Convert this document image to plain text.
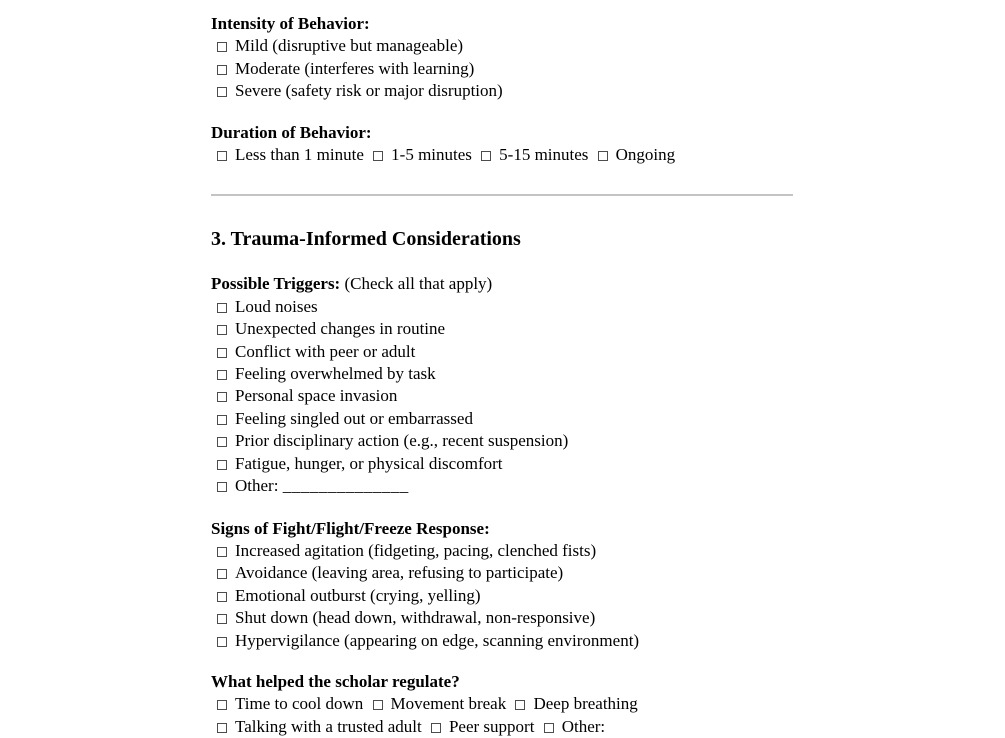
Intensity of Behavior:
Mild (disruptive but manageable)
Moderate (interferes with learning)
Severe (safety risk or major disruption)
Duration of Behavior:
Less than 1 minute 1-5 minutes 5-15 minutes Ongoing
3. Trauma-Informed Considerations
Possible Triggers: (Check all that apply)
Loud noises
Unexpected changes in routine
Conflict with peer or adult
Feeling overwhelmed by task
Personal space invasion
Feeling singled out or embarrassed
Prior disciplinary action (e.g., recent suspension)
Fatigue, hunger, or physical discomfort
Other: ______________
Signs of Fight/Flight/Freeze Response:
Increased agitation (fidgeting, pacing, clenched fists)
Avoidance (leaving area, refusing to participate)
Emotional outburst (crying, yelling)
Shut down (head down, withdrawal, non-responsive)
Hypervigilance (appearing on edge, scanning environment)
What helped the scholar regulate?
Time to cool down Movement break Deep breathing
Talking with a trusted adult Peer support Other:
